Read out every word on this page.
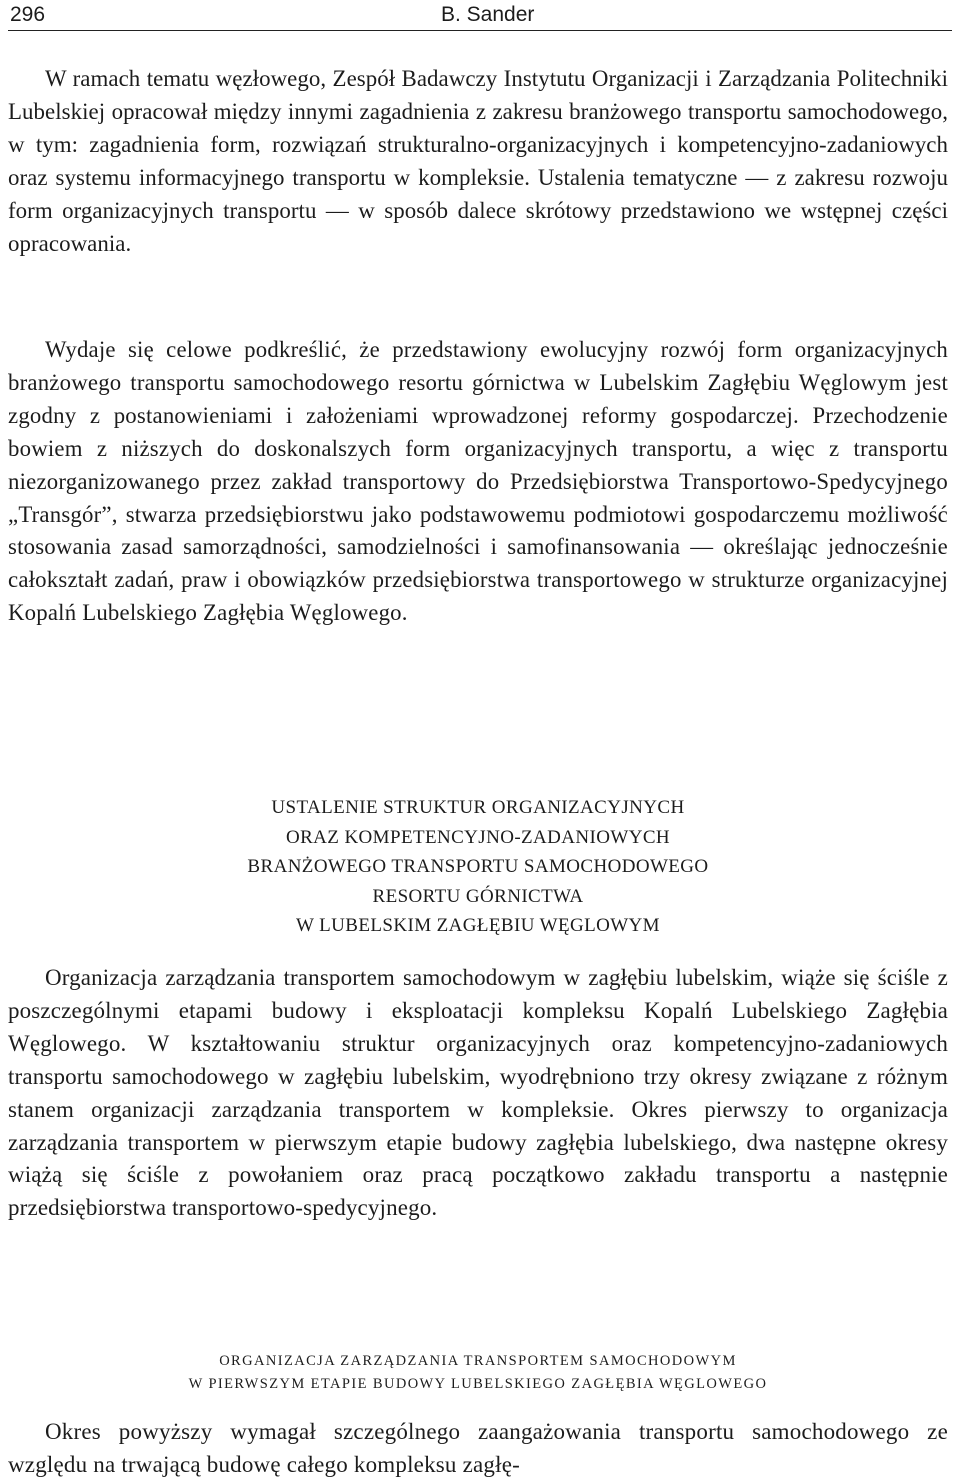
296	B. Sander

W ramach tematu węzłowego, Zespół Badawczy Instytutu Organizacji i Zarządzania Politechniki Lubelskiej opracował między innymi zagadnienia z zakresu branżowego transportu samochodowego, w tym: zagadnienia form, rozwiązań strukturalno-organizacyjnych i kompetencyjno-zadaniowych oraz systemu informacyjnego transportu w kompleksie. Ustalenia tematyczne — z zakresu rozwoju form organizacyjnych transportu — w sposób dalece skrótowy przedstawiono we wstępnej części opracowania.

Wydaje się celowe podkreślić, że przedstawiony ewolucyjny rozwój form organizacyjnych branżowego transportu samochodowego resortu górnictwa w Lubelskim Zagłębiu Węglowym jest zgodny z postanowieniami i założeniami wprowadzonej reformy gospodarczej. Przechodzenie bowiem z niższych do doskonalszych form organizacyjnych transportu, a więc z transportu niezorganizowanego przez zakład transportowy do Przedsiębiorstwa Transportowo-Spedycyjnego „Transgór”, stwarza przedsiębiorstwu jako podstawowemu podmiotowi gospodarczemu możliwość stosowania zasad samorządności, samodzielności i samofinansowania — określając jednocześnie całokształt zadań, praw i obowiązków przedsiębiorstwa transportowego w strukturze organizacyjnej Kopalń Lubelskiego Zagłębia Węglowego.

USTALENIE STRUKTUR ORGANIZACYJNYCH
ORAZ KOMPETENCYJNO-ZADANIOWYCH
BRANŻOWEGO TRANSPORTU SAMOCHODOWEGO
RESORTU GÓRNICTWA
W LUBELSKIM ZAGŁĘBIU WĘGLOWYM

Organizacja zarządzania transportem samochodowym w zagłębiu lubelskim, wiąże się ściśle z poszczególnymi etapami budowy i eksploatacji kompleksu Kopalń Lubelskiego Zagłębia Węglowego. W kształtowaniu struktur organizacyjnych oraz kompetencyjno-zadaniowych transportu samochodowego w zagłębiu lubelskim, wyodrębniono trzy okresy związane z różnym stanem organizacji zarządzania transportem w kompleksie. Okres pierwszy to organizacja zarządzania transportem w pierwszym etapie budowy zagłębia lubelskiego, dwa następne okresy wiążą się ściśle z powołaniem oraz pracą początkowo zakładu transportu a następnie przedsiębiorstwa transportowo-spedycyjnego.

ORGANIZACJA ZARZĄDZANIA TRANSPORTEM SAMOCHODOWYM
W PIERWSZYM ETAPIE BUDOWY LUBELSKIEGO ZAGŁĘBIA WĘGLOWEGO

Okres powyższy wymagał szczególnego zaangażowania transportu samochodowego ze względu na trwającą budowę całego kompleksu zagłę-
